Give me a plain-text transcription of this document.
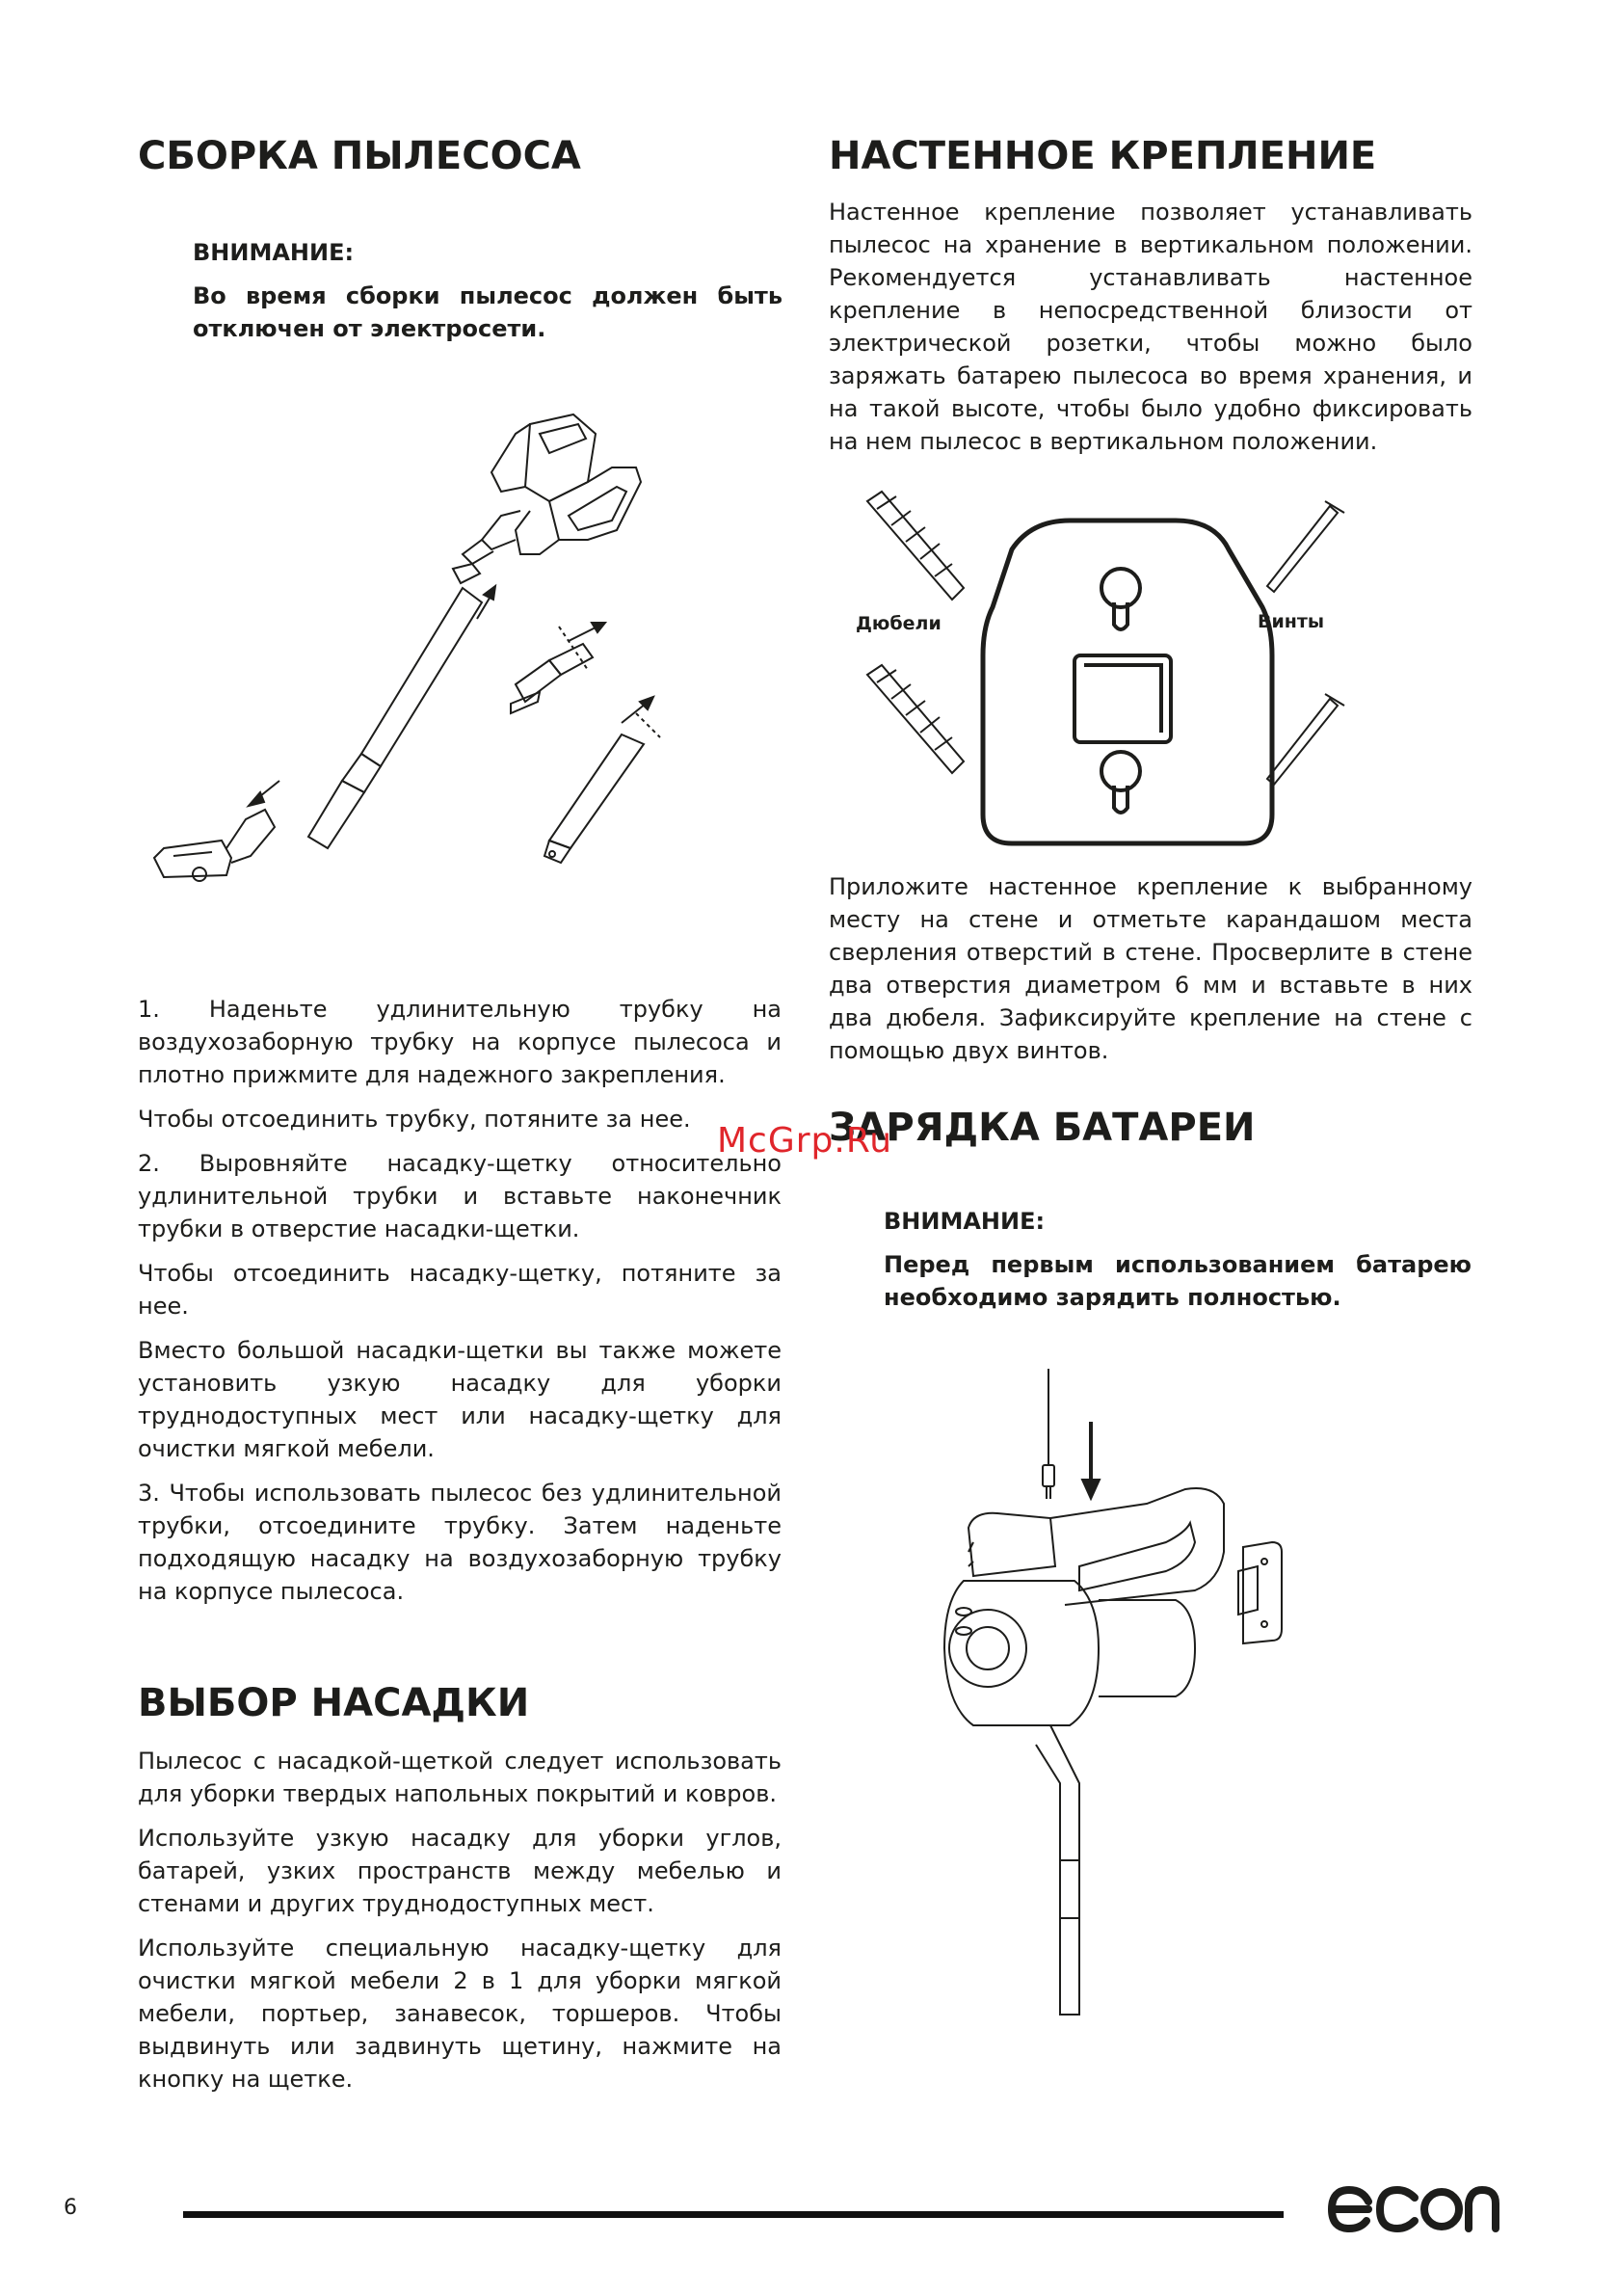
СБОРКА ПЫЛЕСОСА
ВНИМАНИЕ:
Во время сборки пылесос должен быть отключен от электросети.

1. Наденьте удлинительную трубку на воздухозаборную трубку на корпусе пылесоса и плотно прижмите для надежного закрепления.

Чтобы отсоединить трубку, потяните за нее.

2. Выровняйте насадку-щетку относительно удлинительной трубки и вставьте наконечник трубки в отверстие насадки-щетки.

Чтобы отсоединить насадку-щетку, потяните за нее.

Вместо большой насадки-щетки вы также можете установить узкую насадку для уборки труднодоступных мест или насадку-щетку для очистки мягкой мебели.

3. Чтобы использовать пылесос без удлинительной трубки, отсоедините трубку. Затем наденьте подходящую насадку на воздухозаборную трубку на корпусе пылесоса.

ВЫБОР НАСАДКИ

Пылесос с насадкой-щеткой следует использовать для уборки твердых напольных покрытий и ковров.

Используйте узкую насадку для уборки углов, батарей, узких пространств между мебелью и стенами и других труднодоступных мест.

Используйте специальную насадку-щетку для очистки мягкой мебели 2 в 1 для уборки мягкой мебели, портьер, занавесок, торшеров. Чтобы выдвинуть или задвинуть щетину, нажмите на кнопку на щетке.

НАСТЕННОЕ КРЕПЛЕНИЕ

Настенное крепление позволяет устанавливать пылесос на хранение в вертикальном положении. Рекомендуется устанавливать настенное крепление в непосредственной близости от электрической розетки, чтобы можно было заряжать батарею пылесоса во время хранения, и на такой высоте, чтобы было удобно фиксировать на нем пылесос в вертикальном положении.

Дюбели	Винты

Приложите настенное крепление к выбранному месту на стене и отметьте карандашом места сверления отверстий в стене. Просверлите в стене два отверстия диаметром 6 мм и вставьте в них два дюбеля. Зафиксируйте крепление на стене с помощью двух винтов.

ЗАРЯДКА БАТАРЕИ
ВНИМАНИЕ:
Перед первым использованием батарею необходимо зарядить полностью.
McGrp.Ru
6
